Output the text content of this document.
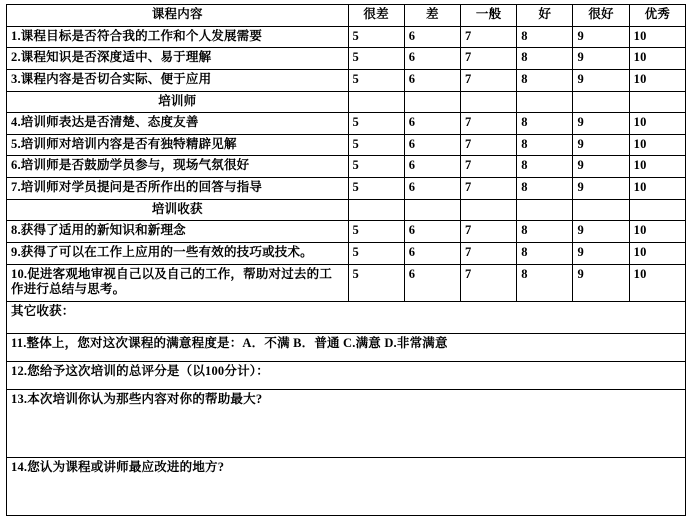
课程内容	很差	差	一般	好	很好	优秀
1.课程目标是否符合我的工作和个人发展需要	5	6	7	8	9	10
2.课程知识是否深度适中、易于理解	5	6	7	8	9	10
3.课程内容是否切合实际、便于应用	5	6	7	8	9	10
培训师						
4.培训师表达是否清楚、态度友善	5	6	7	8	9	10
5.培训师对培训内容是否有独特精辟见解	5	6	7	8	9	10
6.培训师是否鼓励学员参与，现场气氛很好	5	6	7	8	9	10
7.培训师对学员提问是否所作出的回答与指导	5	6	7	8	9	10
培训收获						
8.获得了适用的新知识和新理念	5	6	7	8	9	10
9.获得了可以在工作上应用的一些有效的技巧或技术。	5	6	7	8	9	10
10.促进客观地审视自己以及自己的工作，帮助对过去的工作进行总结与思考。	5	6	7	8	9	10
其它收获：						
11.整体上，您对这次课程的满意程度是：A．不满 B．普通 C.满意 D.非常满意						
12.您给予这次培训的总评分是（以100分计）：						
13.本次培训你认为那些内容对你的帮助最大?						
14.您认为课程或讲师最应改进的地方?						
